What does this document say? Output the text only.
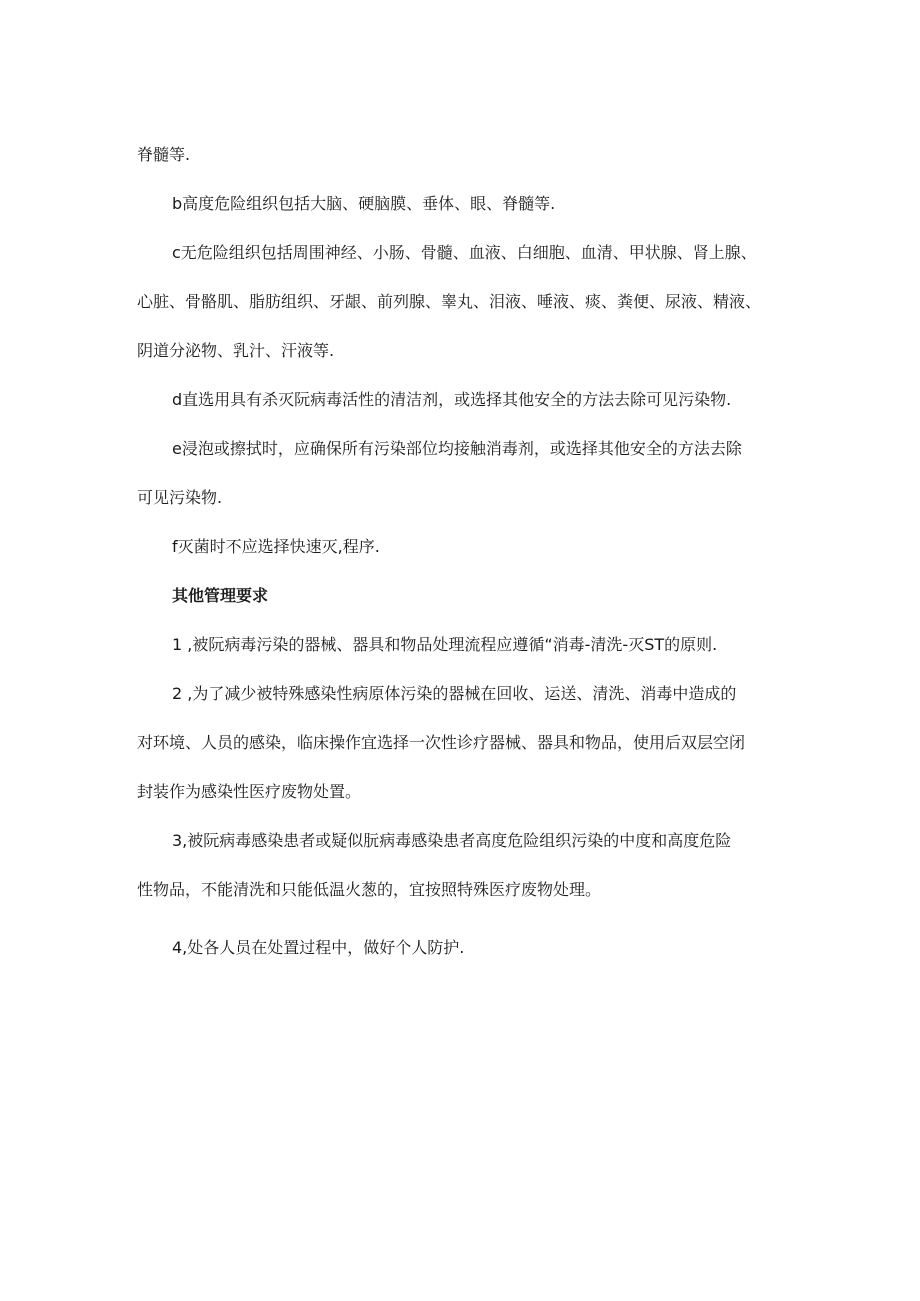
脊髓等.
b高度危险组织包括大脑、硬脑膜、垂体、眼、脊髓等.
c无危险组织包括周围神经、小肠、骨髓、血液、白细胞、血清、甲状腺、肾上腺、
心脏、骨骼肌、脂肪组织、牙龈、前列腺、睾丸、泪液、唾液、痰、粪便、尿液、精液、
阴道分泌物、乳汁、汗液等.
d直选用具有杀灭阮病毒活性的清洁剂，或选择其他安全的方法去除可见污染物.
e浸泡或擦拭时，应确保所有污染部位均接触消毒剂，或选择其他安全的方法去除
可见污染物.
f灭菌时不应选择快速灭,程序.
其他管理要求
1 ,被阮病毒污染的器械、器具和物品处理流程应遵循“消毒-清洗-灭ST的原则.
2 ,为了减少被特殊感染性病原体污染的器械在回收、运送、清洗、消毒中造成的
对环境、人员的感染，临床操作宜选择一次性诊疗器械、器具和物品，使用后双层空闭
封装作为感染性医疗废物处置。
3,被阮病毒感染患者或疑似朊病毒感染患者高度危险组织污染的中度和高度危险
性物品，不能清洗和只能低温火葱的，宜按照特殊医疗废物处理。
4,处各人员在处置过程中，做好个人防护.
